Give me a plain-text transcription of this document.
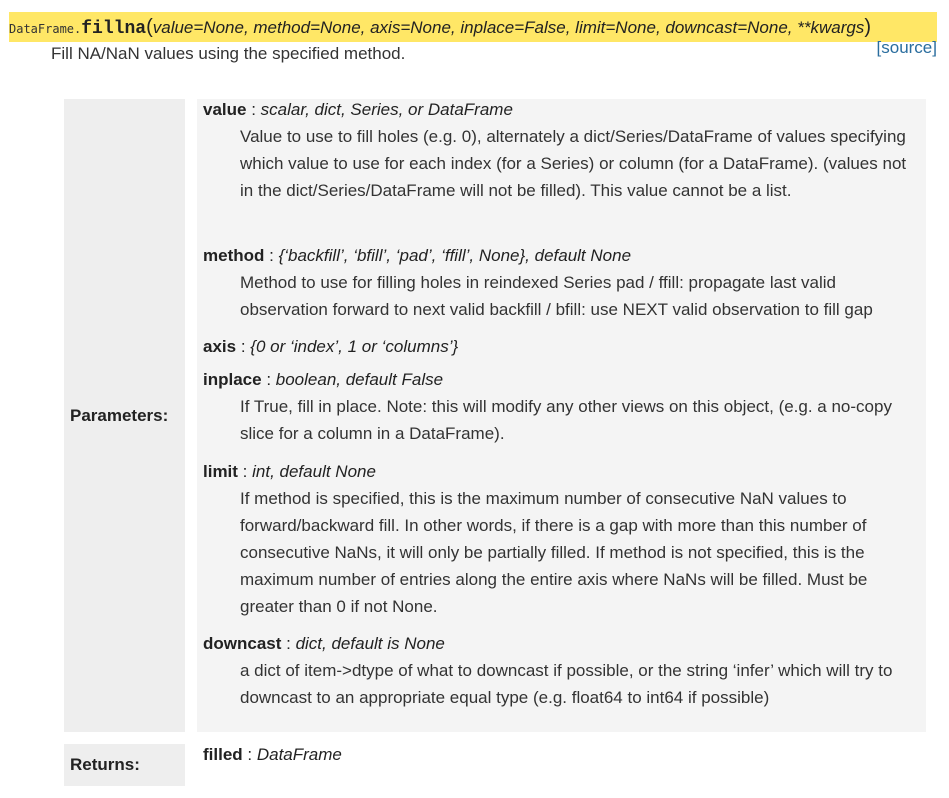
DataFrame.fillna(value=None, method=None, axis=None, inplace=False, limit=None, downcast=None, **kwargs)
Fill NA/NaN values using the specified method.	[source]
Parameters:
value : scalar, dict, Series, or DataFrame
Value to use to fill holes (e.g. 0), alternately a dict/Series/DataFrame of values specifying which value to use for each index (for a Series) or column (for a DataFrame). (values not in the dict/Series/DataFrame will not be filled). This value cannot be a list.
method : {‘backfill’, ‘bfill’, ‘pad’, ‘ffill’, None}, default None
Method to use for filling holes in reindexed Series pad / ffill: propagate last valid observation forward to next valid backfill / bfill: use NEXT valid observation to fill gap
axis : {0 or ‘index’, 1 or ‘columns’}
inplace : boolean, default False
If True, fill in place. Note: this will modify any other views on this object, (e.g. a no-copy slice for a column in a DataFrame).
limit : int, default None
If method is specified, this is the maximum number of consecutive NaN values to forward/backward fill. In other words, if there is a gap with more than this number of consecutive NaNs, it will only be partially filled. If method is not specified, this is the maximum number of entries along the entire axis where NaNs will be filled. Must be greater than 0 if not None.
downcast : dict, default is None
a dict of item->dtype of what to downcast if possible, or the string ‘infer’ which will try to downcast to an appropriate equal type (e.g. float64 to int64 if possible)
Returns:
filled : DataFrame
